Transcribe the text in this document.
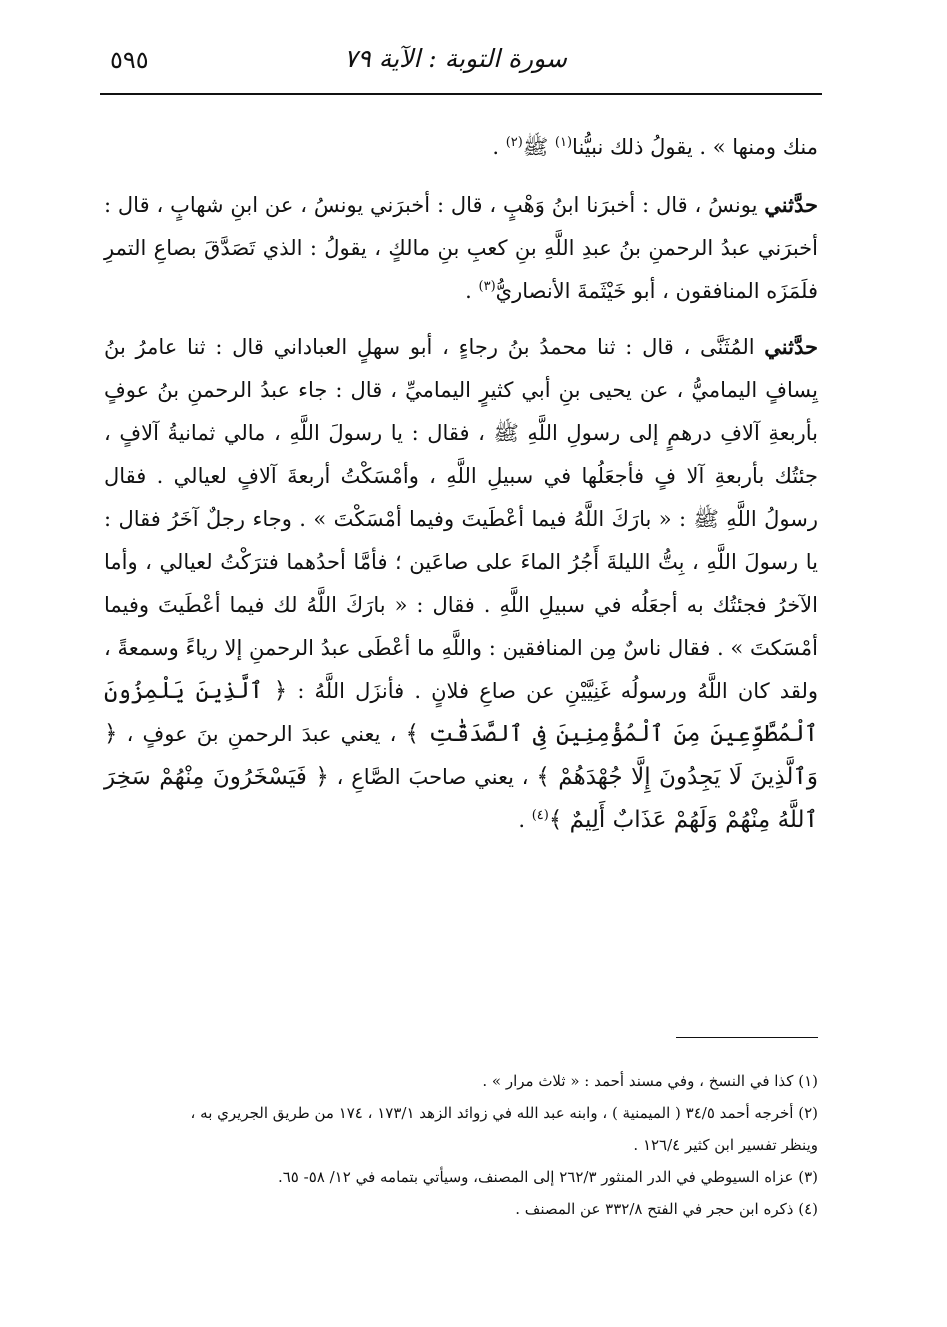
سورة التوبة : الآية ٧٩
٥٩٥

منك ومنها » . يقولُ ذلك نبيُّنا$^{(١)}$ ﷺ$^{(٢)}$ .

حدَّثني يونسُ ، قال : أخبرَنا ابنُ وَهْبٍ ، قال : أخبرَني يونسُ ، عن ابنِ شهابٍ ، قال : أخبرَني عبدُ الرحمنِ بنُ عبدِ اللَّهِ بنِ كعبِ بنِ مالكٍ ، يقولُ : الذي تَصَدَّقَ بصاعِ التمرِ فلَمَزَه المنافقون ، أبو خَيْثَمةَ الأنصاريُّ$^{(٣)}$ .

حدَّثني المُثَنَّى ، قال : ثنا محمدُ بنُ رجاءٍ ، أبو سهلٍ العباداني قال : ثنا عامرُ بنُ يِسافٍ اليماميُّ ، عن يحيى بنِ أبي كثيرٍ اليماميِّ ، قال : جاء عبدُ الرحمنِ بنُ عوفٍ بأربعةِ آلافِ درهمٍ إلى رسولِ اللَّهِ ﷺ ، فقال : يا رسولَ اللَّهِ ، مالي ثمانيةُ آلافٍ ، جئتُك بأربعةِ آلا فٍ فأجعَلُها في سبيلِ اللَّهِ ، وأمْسَكْتُ أربعةَ آلافٍ لعيالي . فقال رسولُ اللَّهِ ﷺ : « بارَكَ اللَّهُ فيما أعْطَيتَ وفيما أمْسَكْتَ » . وجاء رجلٌ آخَرُ فقال : يا رسولَ اللَّهِ ، بِتُّ الليلةَ أَجُرُ الماءَ على صاعَين ؛ فأمَّا أحدُهما فترَكْتُ لعيالي ، وأما الآخرُ فجئتُك به أجعَلُه في سبيلِ اللَّهِ . فقال : « بارَكَ اللَّهُ لك فيما أعْطَيتَ وفيما أمْسَكتَ » . فقال ناسٌ مِن المنافقين : واللَّهِ ما أعْطَى عبدُ الرحمنِ إلا رياءً وسمعةً ، ولقد كان اللَّهُ ورسولُه غَنِيَّيْنِ عن صاعِ فلانٍ . فأنزَل اللَّهُ : ﴿ ٱلَّذِينَ يَلْمِزُونَ ٱلْمُطَّوِّعِينَ مِنَ ٱلْمُؤْمِنِينَ فِى ٱلصَّدَقَٰتِ ﴾ ، يعني عبدَ الرحمنِ بنَ عوفٍ ، ﴿ وَٱلَّذِينَ لَا يَجِدُونَ إِلَّا جُهْدَهُمْ ﴾ ، يعني صاحبَ الصَّاعِ ، ﴿ فَيَسْخَرُونَ مِنْهُمْ سَخِرَ ٱللَّهُ مِنْهُمْ وَلَهُمْ عَذَابٌ أَلِيمٌ ﴾$^{(٤)}$ .

(١) كذا في النسخ ، وفي مسند أحمد : « ثلاث مرار » .
(٢) أخرجه أحمد ٣٤/٥ ( الميمنية ) ، وابنه عبد الله في زوائد الزهد ١٧٣/١ ، ١٧٤ من طريق الجريري به ،
وينظر تفسير ابن كثير ١٢٦/٤ .
(٣) عزاه السيوطي في الدر المنثور ٢٦٢/٣ إلى المصنف، وسيأتي بتمامه في ١٢/ ٥٨- ٦٥.
(٤) ذكره ابن حجر في الفتح ٣٣٢/٨ عن المصنف .
